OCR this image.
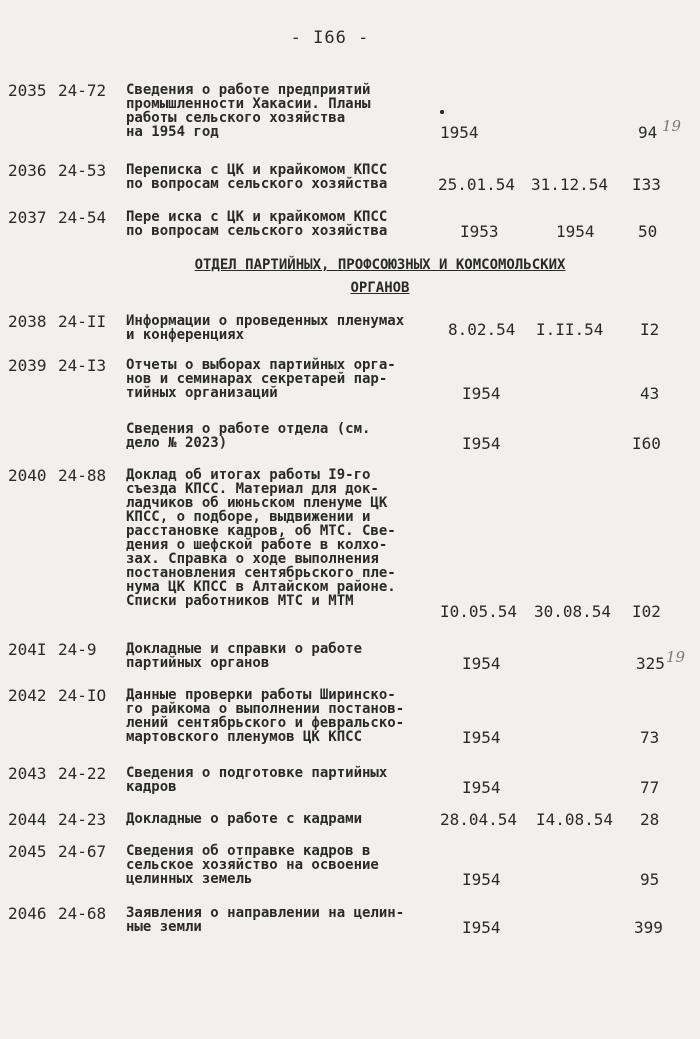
- I66 -
ОТДЕЛ ПАРТИЙНЫХ, ПРОФСОЮЗНЫХ И КОМСОМОЛЬСКИХ
ОРГАНОВ
2035 24-72 Сведения о работе предприятий
промышленности Хакасии. Планы
работы сельского хозяйства
на 1954 год	1954	94 19
2036 24-53 Переписка с ЦК и крайкомом КПСС
по вопросам сельского хозяйства	25.01.54 31.12.54 I33
2037 24-54 Пере иска с ЦК и крайкомом КПСС
по вопросам сельского хозяйства	I953	1954	50
2038 24-II Информации о проведенных пленумах
и конференциях	8.02.54 I.II.54 I2
2039 24-I3 Отчеты о выборах партийных орга-
нов и семинарах секретарей пар-
тийных организаций	I954	43
Сведения о работе отдела (см.
дело № 2023)	I954	I60
2040 24-88 Доклад об итогах работы I9-го
съезда КПСС. Материал для док-
ладчиков об июньском пленуме ЦК
КПСС, о подборе, выдвижении и
расстановке кадров, об МТС. Све-
дения о шефской работе в колхо-
зах. Справка о ходе выполнения
постановления сентябрьского пле-
нума ЦК КПСС в Алтайском районе.
Списки работников МТС и МТМ
I0.05.54 30.08.54 I02
204I 24-9 Докладные и справки о работе
партийных органов	I954	325 19
2042 24-IO Данные проверки работы Ширинско-
го райкома о выполнении постанов-
лений сентябрьского и февральско-
мартовского пленумов ЦК КПСС	I954	73
2043 24-22 Сведения о подготовке партийных
кадров	I954	77
2044 24-23 Докладные о работе с кадрами	28.04.54 I4.08.54 28
2045 24-67 Сведения об отправке кадров в
сельское хозяйство на освоение
целинных земель	I954	95
2046 24-68 Заявления о направлении на целин-
ные земли	I954	399
